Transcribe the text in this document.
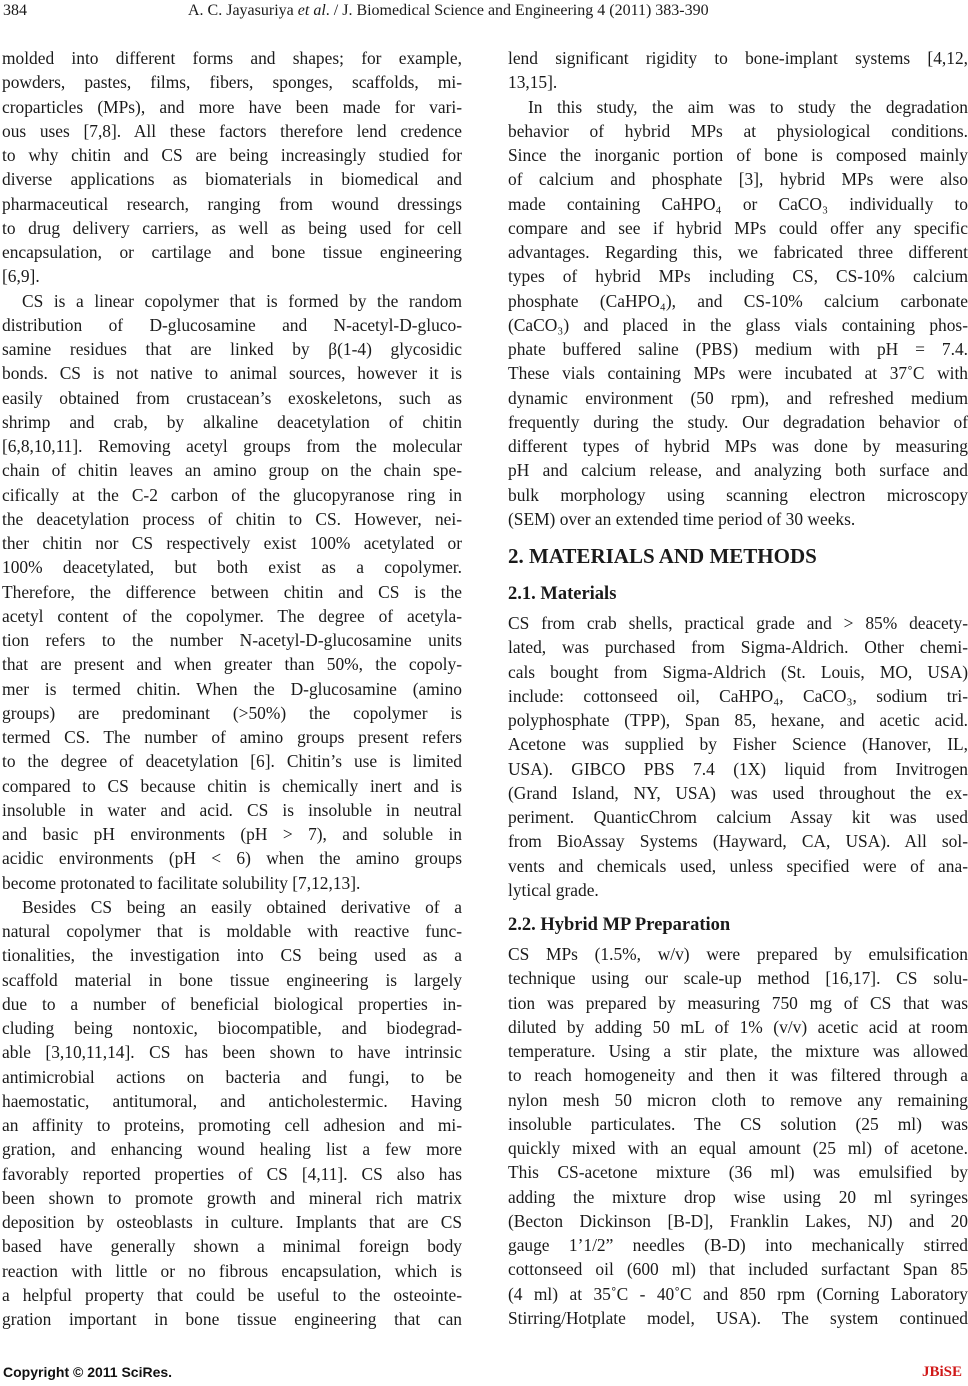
384	A. C. Jayasuriya et al. / J. Biomedical Science and Engineering 4 (2011) 383-390
molded into different forms and shapes; for example,
powders, pastes, films, fibers, sponges, scaffolds, mi-
croparticles (MPs), and more have been made for vari-
ous uses [7,8]. All these factors therefore lend credence
to why chitin and CS are being increasingly studied for
diverse applications as biomaterials in biomedical and
pharmaceutical research, ranging from wound dressings
to drug delivery carriers, as well as being used for cell
encapsulation, or cartilage and bone tissue engineering
[6,9].
CS is a linear copolymer that is formed by the random
distribution of D-glucosamine and N-acetyl-D-gluco-
samine residues that are linked by β(1-4) glycosidic
bonds. CS is not native to animal sources, however it is
easily obtained from crustacean’s exoskeletons, such as
shrimp and crab, by alkaline deacetylation of chitin
[6,8,10,11]. Removing acetyl groups from the molecular
chain of chitin leaves an amino group on the chain spe-
cifically at the C-2 carbon of the glucopyranose ring in
the deacetylation process of chitin to CS. However, nei-
ther chitin nor CS respectively exist 100% acetylated or
100% deacetylated, but both exist as a copolymer.
Therefore, the difference between chitin and CS is the
acetyl content of the copolymer. The degree of acetyla-
tion refers to the number N-acetyl-D-glucosamine units
that are present and when greater than 50%, the copoly-
mer is termed chitin. When the D-glucosamine (amino
groups) are predominant (>50%) the copolymer is
termed CS. The number of amino groups present refers
to the degree of deacetylation [6]. Chitin’s use is limited
compared to CS because chitin is chemically inert and is
insoluble in water and acid. CS is insoluble in neutral
and basic pH environments (pH > 7), and soluble in
acidic environments (pH < 6) when the amino groups
become protonated to facilitate solubility [7,12,13].
Besides CS being an easily obtained derivative of a
natural copolymer that is moldable with reactive func-
tionalities, the investigation into CS being used as a
scaffold material in bone tissue engineering is largely
due to a number of beneficial biological properties in-
cluding being nontoxic, biocompatible, and biodegrad-
able [3,10,11,14]. CS has been shown to have intrinsic
antimicrobial actions on bacteria and fungi, to be
haemostatic, antitumoral, and anticholestermic. Having
an affinity to proteins, promoting cell adhesion and mi-
gration, and enhancing wound healing list a few more
favorably reported properties of CS [4,11]. CS also has
been shown to promote growth and mineral rich matrix
deposition by osteoblasts in culture. Implants that are CS
based have generally shown a minimal foreign body
reaction with little or no fibrous encapsulation, which is
a helpful property that could be useful to the osteointe-
gration important in bone tissue engineering that can
lend significant rigidity to bone-implant systems [4,12,
13,15].
In this study, the aim was to study the degradation
behavior of hybrid MPs at physiological conditions.
Since the inorganic portion of bone is composed mainly
of calcium and phosphate [3], hybrid MPs were also
made containing CaHPO₄ or CaCO₃ individually to
compare and see if hybrid MPs could offer any specific
advantages. Regarding this, we fabricated three different
types of hybrid MPs including CS, CS-10% calcium
phosphate (CaHPO₄), and CS-10% calcium carbonate
(CaCO₃) and placed in the glass vials containing phos-
phate buffered saline (PBS) medium with pH = 7.4.
These vials containing MPs were incubated at 37˚C with
dynamic environment (50 rpm), and refreshed medium
frequently during the study. Our degradation behavior of
different types of hybrid MPs was done by measuring
pH and calcium release, and analyzing both surface and
bulk morphology using scanning electron microscopy
(SEM) over an extended time period of 30 weeks.
2. MATERIALS AND METHODS
2.1. Materials
CS from crab shells, practical grade and > 85% deacety-
lated, was purchased from Sigma-Aldrich. Other chemi-
cals bought from Sigma-Aldrich (St. Louis, MO, USA)
include: cottonseed oil, CaHPO₄, CaCO₃, sodium tri-
polyphosphate (TPP), Span 85, hexane, and acetic acid.
Acetone was supplied by Fisher Science (Hanover, IL,
USA). GIBCO PBS 7.4 (1X) liquid from Invitrogen
(Grand Island, NY, USA) was used throughout the ex-
periment. QuanticChrom calcium Assay kit was used
from BioAssay Systems (Hayward, CA, USA). All sol-
vents and chemicals used, unless specified were of ana-
lytical grade.
2.2. Hybrid MP Preparation
CS MPs (1.5%, w/v) were prepared by emulsification
technique using our scale-up method [16,17]. CS solu-
tion was prepared by measuring 750 mg of CS that was
diluted by adding 50 mL of 1% (v/v) acetic acid at room
temperature. Using a stir plate, the mixture was allowed
to reach homogeneity and then it was filtered through a
nylon mesh 50 micron cloth to remove any remaining
insoluble particulates. The CS solution (25 ml) was
quickly mixed with an equal amount (25 ml) of acetone.
This CS-acetone mixture (36 ml) was emulsified by
adding the mixture drop wise using 20 ml syringes
(Becton Dickinson [B-D], Franklin Lakes, NJ) and 20
gauge 1’1/2” needles (B-D) into mechanically stirred
cottonseed oil (600 ml) that included surfactant Span 85
(4 ml) at 35˚C - 40˚C and 850 rpm (Corning Laboratory
Stirring/Hotplate model, USA). The system continued
Copyright © 2011 SciRes.	JBiSE
